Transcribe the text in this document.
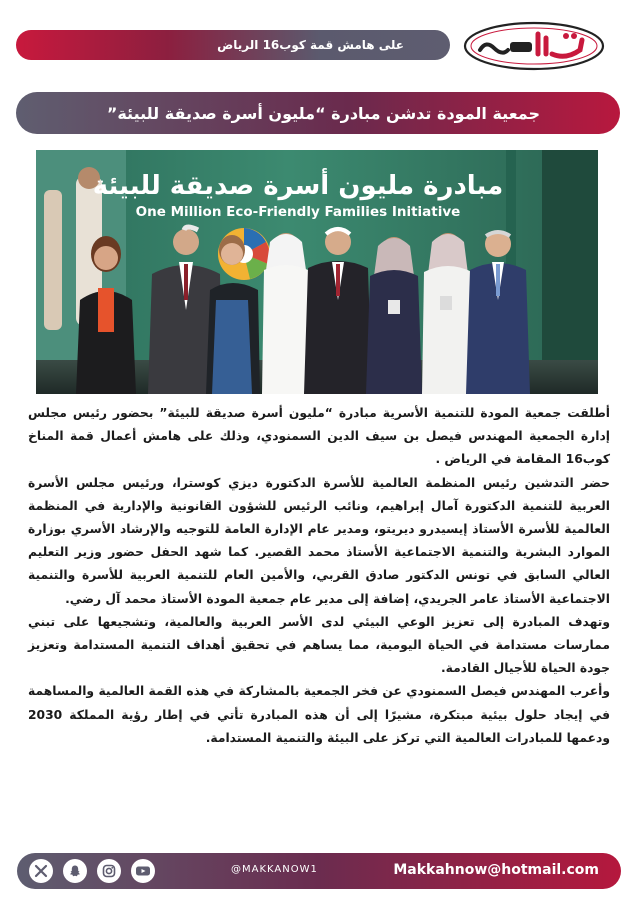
على هامش قمة كوب16 الرياض
جمعية المودة تدشن مبادرة “مليون أسرة صديقة للبيئة”
مبادرة مليون أسرة صديقة للبيئة
One Million Eco-Friendly Families Initiative

أطلقت جمعية المودة للتنمية الأسرية مبادرة “مليون أسرة صديقة للبيئة” بحضور رئيس مجلس إدارة الجمعية المهندس فيصل بن سيف الدين السمنودي، وذلك على هامش أعمال قمة المناخ كوب16 المقامة في الرياض .

حضر التدشين رئيس المنظمة العالمية للأسرة الدكتورة ديزي كوسترا، ورئيس مجلس الأسرة العربية للتنمية الدكتورة آمال إبراهيم، ونائب الرئيس للشؤون القانونية والإدارية في المنظمة العالمية للأسرة الأستاذ إيسيدرو ديريتو، ومدير عام الإدارة العامة للتوجيه والإرشاد الأسري بوزارة الموارد البشرية والتنمية الاجتماعية الأستاذ محمد القصير. كما شهد الحفل حضور وزير التعليم العالي السابق في تونس الدكتور صادق القربي، والأمين العام للتنمية العربية للأسرة والتنمية الاجتماعية الأستاذ عامر الجريدي، إضافة إلى مدير عام جمعية المودة الأستاذ محمد آل رضي.

وتهدف المبادرة إلى تعزيز الوعي البيئي لدى الأسر العربية والعالمية، وتشجيعها على تبني ممارسات مستدامة في الحياة اليومية، مما يساهم في تحقيق أهداف التنمية المستدامة وتعزيز جودة الحياة للأجيال القادمة.

وأعرب المهندس فيصل السمنودي عن فخر الجمعية بالمشاركة في هذه القمة العالمية والمساهمة في إيجاد حلول بيئية مبتكرة، مشيرًا إلى أن هذه المبادرة تأتي في إطار رؤية المملكة 2030 ودعمها للمبادرات العالمية التي تركز على البيئة والتنمية المستدامة.

@MAKKANOW1	Makkahnow@hotmail.com
